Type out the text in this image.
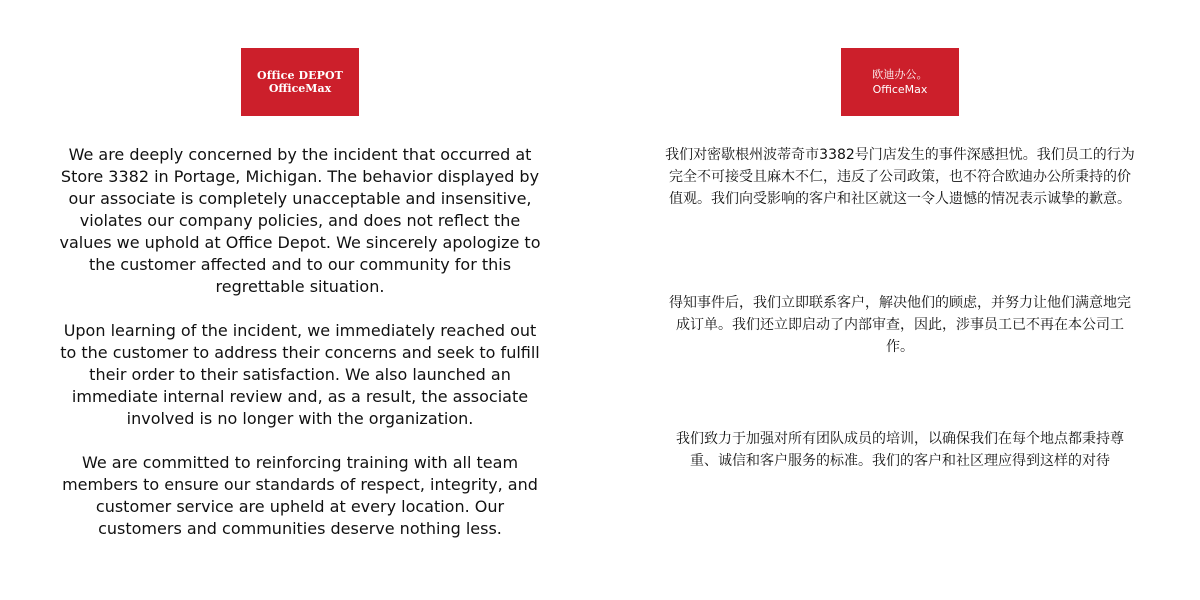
Office DEPOT
OfficeMax
We are deeply concerned by the incident that occurred at Store 3382 in Portage, Michigan. The behavior displayed by our associate is completely unacceptable and insensitive, violates our company policies, and does not reflect the values we uphold at Office Depot. We sincerely apologize to the customer affected and to our community for this regrettable situation.
Upon learning of the incident, we immediately reached out to the customer to address their concerns and seek to fulfill their order to their satisfaction. We also launched an immediate internal review and, as a result, the associate involved is no longer with the organization.
We are committed to reinforcing training with all team members to ensure our standards of respect, integrity, and customer service are upheld at every location. Our customers and communities deserve nothing less.
欧迪办公。
OfficeMax
我们对密歇根州波蒂奇市3382号门店发生的事件深感担忧。我们员工的行为完全不可接受且麻木不仁，违反了公司政策，也不符合欧迪办公所秉持的价值观。我们向受影响的客户和社区就这一令人遗憾的情况表示诚挚的歉意。
得知事件后，我们立即联系客户，解决他们的顾虑，并努力让他们满意地完成订单。我们还立即启动了内部审查，因此，涉事员工已不再在本公司工作。
我们致力于加强对所有团队成员的培训，以确保我们在每个地点都秉持尊重、诚信和客户服务的标准。我们的客户和社区理应得到这样的对待
